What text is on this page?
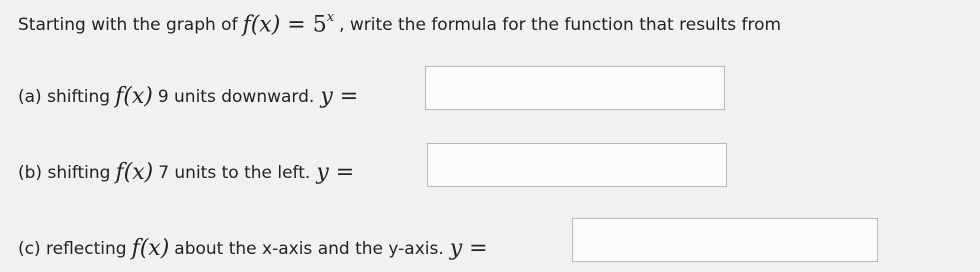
Starting with the graph of $f(x) = 5^x$ , write the formula for the function that results from
(a) shifting f(x) 9 units downward. y =
(b) shifting f(x) 7 units to the left. y =
(c) reflecting f(x) about the x-axis and the y-axis. y =
